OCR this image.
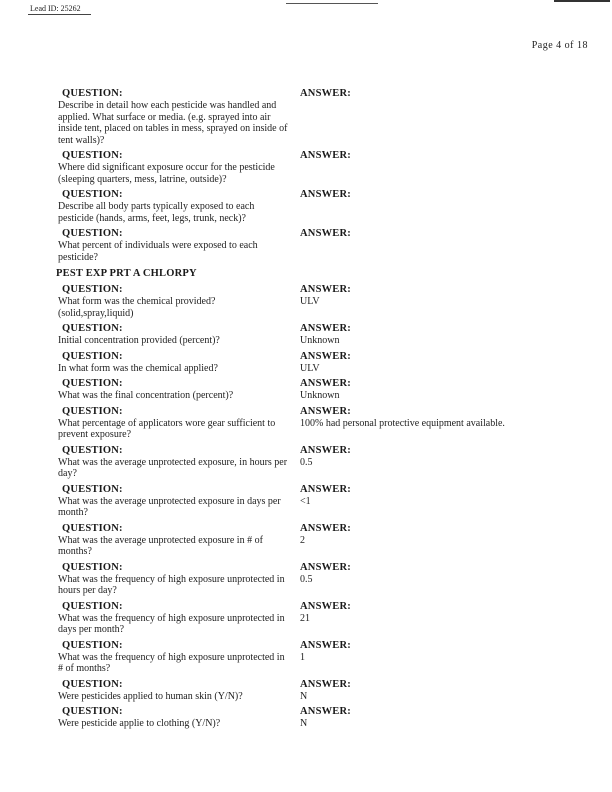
Lead ID: 25262
Page 4 of 18
QUESTION:
Describe in detail how each pesticide was handled and applied. What surface or media. (e.g. sprayed into air inside tent, placed on tables in mess, sprayed on inside of tent walls)?
ANSWER:
QUESTION:
Where did significant exposure occur for the pesticide (sleeping quarters, mess, latrine, outside)?
ANSWER:
QUESTION:
Describe all body parts typically exposed to each pesticide (hands, arms, feet, legs, trunk, neck)?
ANSWER:
QUESTION:
What percent of individuals were exposed to each pesticide?
ANSWER:
PEST EXP PRT A CHLORPY
QUESTION:
What form was the chemical provided?(solid,spray,liquid)
ANSWER:
ULV
QUESTION:
Initial concentration provided (percent)?
ANSWER:
Unknown
QUESTION:
In what form was the chemical applied?
ANSWER:
ULV
QUESTION:
What was the final concentration (percent)?
ANSWER:
Unknown
QUESTION:
What percentage of applicators wore gear sufficient to prevent exposure?
ANSWER:
100% had personal protective equipment available.
QUESTION:
What was the average unprotected exposure, in hours per day?
ANSWER:
0.5
QUESTION:
What was the average unprotected exposure in days per month?
ANSWER:
<1
QUESTION:
What was the average unprotected exposure in # of months?
ANSWER:
2
QUESTION:
What was the frequency of high exposure unprotected in hours per day?
ANSWER:
0.5
QUESTION:
What was the frequency of high exposure unprotected in days per month?
ANSWER:
21
QUESTION:
What was the frequency of high exposure unprotected in # of months?
ANSWER:
1
QUESTION:
Were pesticides applied to human skin (Y/N)?
ANSWER:
N
QUESTION:
Were pesticide applie to clothing (Y/N)?
ANSWER:
N
